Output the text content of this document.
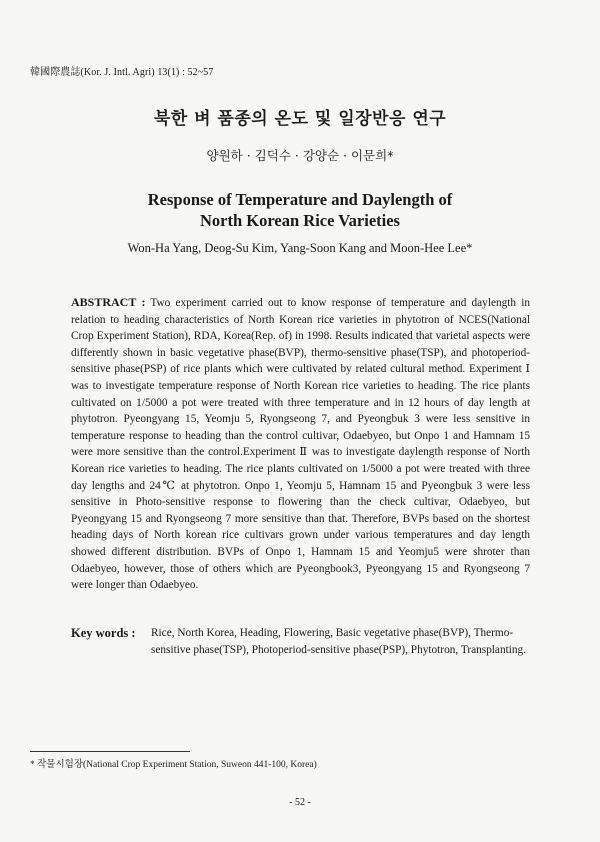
韓國際農誌(Kor. J. Intl. Agri) 13(1) : 52~57
북한 벼 품종의 온도 및 일장반응 연구
양원하 · 김덕수 · 강양순 · 이문희*
Response of Temperature and Daylength of
North Korean Rice Varieties
Won-Ha Yang, Deog-Su Kim, Yang-Soon Kang and Moon-Hee Lee*
ABSTRACT : Two experiment carried out to know response of temperature and daylength in relation to heading characteristics of North Korean rice varieties in phytotron of NCES(National Crop Experiment Station), RDA, Korea(Rep. of) in 1998. Results indicated that varietal aspects were differently shown in basic vegetative phase(BVP), thermo-sensitive phase(TSP), and photoperiod-sensitive phase(PSP) of rice plants which were cultivated by related cultural method. Experiment Ⅰ was to investigate temperature response of North Korean rice varieties to heading. The rice plants cultivated on 1/5000 a pot were treated with three temperature and in 12 hours of day length at phytotron. Pyeongyang 15, Yeomju 5, Ryongseong 7, and Pyeongbuk 3 were less sensitive in temperature response to heading than the control cultivar, Odaebyeo, but Onpo 1 and Hamnam 15 were more sensitive than the control.Experiment Ⅱ was to investigate daylength response of North Korean rice varieties to heading. The rice plants cultivated on 1/5000 a pot were treated with three day lengths and 24℃ at phytotron. Onpo 1, Yeomju 5, Hamnam 15 and Pyeongbuk 3 were less sensitive in Photo-sensitive response to flowering than the check cultivar, Odaebyeo, but Pyeongyang 15 and Ryongseong 7 more sensitive than that. Therefore, BVPs based on the shortest heading days of North korean rice cultivars grown under various temperatures and day length showed different distribution. BVPs of Onpo 1, Hamnam 15 and Yeomju5 were shroter than Odaebyeo, however, those of others which are Pyeongbook3, Pyeongyang 15 and Ryongseong 7 were longer than Odaebyeo.
Key words :	Rice, North Korea, Heading, Flowering, Basic vegetative phase(BVP), Thermo-sensitive phase(TSP), Photoperiod-sensitive phase(PSP), Phytotron, Transplanting.
* 작물시험장(National Crop Experiment Station, Suweon 441-100, Korea)
- 52 -
